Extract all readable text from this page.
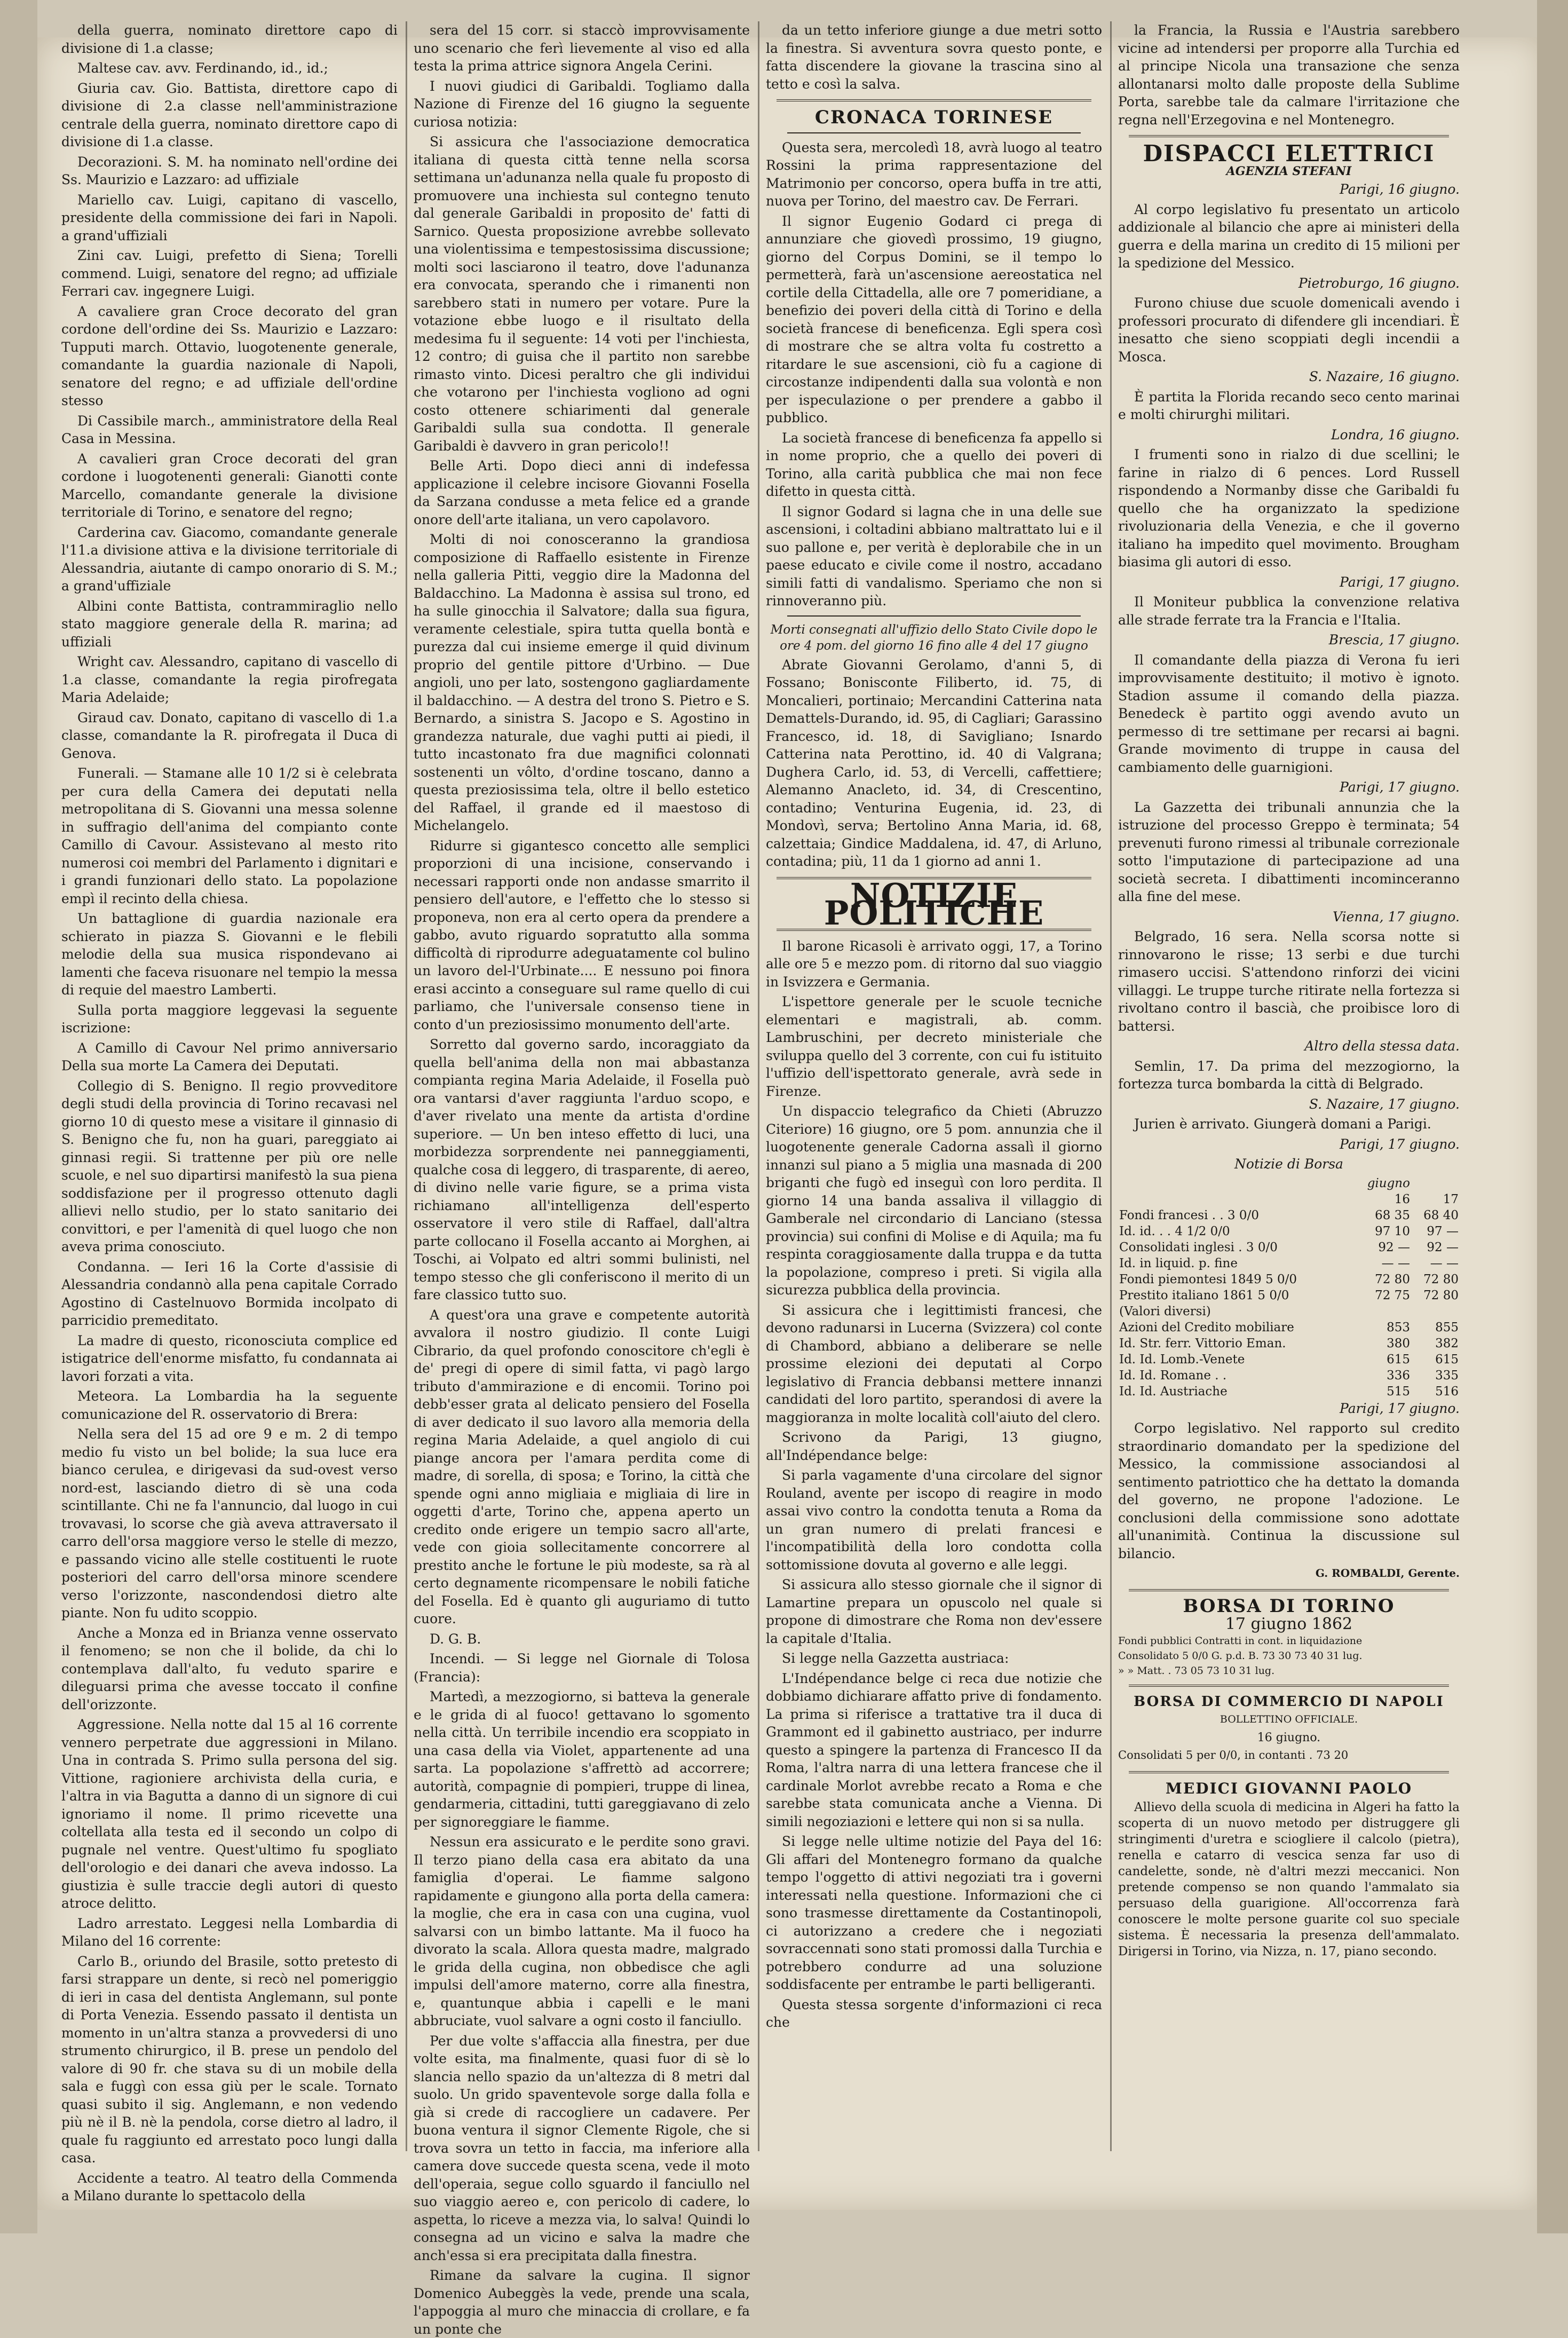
della guerra, nominato direttore capo di divisione di 1.a classe;

Maltese cav. avv. Ferdinando, id., id.;

Giuria cav. Gio. Battista, direttore capo di divisione di 2.a classe nell'amministrazione centrale della guerra, nominato direttore capo di divisione di 1.a classe.

Decorazioni. S. M. ha nominato nell'ordine dei Ss. Maurizio e Lazzaro: ad uffiziale

Mariello cav. Luigi, capitano di vascello, presidente della commissione dei fari in Napoli. a grand'uffiziali

Zini cav. Luigi, prefetto di Siena; Torelli commend. Luigi, senatore del regno; ad uffiziale Ferrari cav. ingegnere Luigi.

A cavaliere gran Croce decorato del gran cordone dell'ordine dei Ss. Maurizio e Lazzaro: Tupputi march. Ottavio, luogotenente generale, comandante la guardia nazionale di Napoli, senatore del regno; e ad uffiziale dell'ordine stesso

Di Cassibile march., amministratore della Real Casa in Messina.

A cavalieri gran Croce decorati del gran cordone i luogotenenti generali: Gianotti conte Marcello, comandante generale la divisione territoriale di Torino, e senatore del regno;

Carderina cav. Giacomo, comandante generale l'11.a divisione attiva e la divisione territoriale di Alessandria, aiutante di campo onorario di S. M.; a grand'uffiziale

Albini conte Battista, contrammiraglio nello stato maggiore generale della R. marina; ad uffiziali

Wright cav. Alessandro, capitano di vascello di 1.a classe, comandante la regia pirofregata Maria Adelaide;

Giraud cav. Donato, capitano di vascello di 1.a classe, comandante la R. pirofregata il Duca di Genova.

Funerali. — Stamane alle 10 1/2 si è celebrata per cura della Camera dei deputati nella metropolitana di S. Giovanni una messa solenne in suffragio dell'anima del compianto conte Camillo di Cavour. Assistevano al mesto rito numerosi coi membri del Parlamento i dignitari e i grandi funzionari dello stato. La popolazione empì il recinto della chiesa.

Un battaglione di guardia nazionale era schierato in piazza S. Giovanni e le flebili melodie della sua musica rispondevano ai lamenti che faceva risuonare nel tempio la messa di requie del maestro Lamberti.

Sulla porta maggiore leggevasi la seguente iscrizione:

A Camillo di Cavour Nel primo anniversario Della sua morte La Camera dei Deputati.

Collegio di S. Benigno. Il regio provveditore degli studi della provincia di Torino recavasi nel giorno 10 di questo mese a visitare il ginnasio di S. Benigno che fu, non ha guari, pareggiato ai ginnasi regii. Si trattenne per più ore nelle scuole, e nel suo dipartirsi manifestò la sua piena soddisfazione per il progresso ottenuto dagli allievi nello studio, per lo stato sanitario dei convittori, e per l'amenità di quel luogo che non aveva prima conosciuto.

Condanna. — Ieri 16 la Corte d'assisie di Alessandria condannò alla pena capitale Corrado Agostino di Castelnuovo Bormida incolpato di parricidio premeditato.

La madre di questo, riconosciuta complice ed istigatrice dell'enorme misfatto, fu condannata ai lavori forzati a vita.

Meteora. La Lombardia ha la seguente comunicazione del R. osservatorio di Brera:

Nella sera del 15 ad ore 9 e m. 2 di tempo medio fu visto un bel bolide; la sua luce era bianco cerulea, e dirigevasi da sud-ovest verso nord-est, lasciando dietro di sè una coda scintillante. Chi ne fa l'annuncio, dal luogo in cui trovavasi, lo scorse che già aveva attraversato il carro dell'orsa maggiore verso le stelle di mezzo, e passando vicino alle stelle costituenti le ruote posteriori del carro dell'orsa minore scendere verso l'orizzonte, nascondendosi dietro alte piante. Non fu udito scoppio.

Anche a Monza ed in Brianza venne osservato il fenomeno; se non che il bolide, da chi lo contemplava dall'alto, fu veduto sparire e dileguarsi prima che avesse toccato il confine dell'orizzonte.

Aggressione. Nella notte dal 15 al 16 corrente vennero perpetrate due aggressioni in Milano. Una in contrada S. Primo sulla persona del sig. Vittione, ragioniere archivista della curia, e l'altra in via Bagutta a danno di un signore di cui ignoriamo il nome. Il primo ricevette una coltellata alla testa ed il secondo un colpo di pugnale nel ventre. Quest'ultimo fu spogliato dell'orologio e dei danari che aveva indosso. La giustizia è sulle traccie degli autori di questo atroce delitto.

Ladro arrestato. Leggesi nella Lombardia di Milano del 16 corrente:

Carlo B., oriundo del Brasile, sotto pretesto di farsi strappare un dente, si recò nel pomeriggio di ieri in casa del dentista Anglemann, sul ponte di Porta Venezia. Essendo passato il dentista un momento in un'altra stanza a provvedersi di uno strumento chirurgico, il B. prese un pendolo del valore di 90 fr. che stava su di un mobile della sala e fuggì con essa giù per le scale. Tornato quasi subito il sig. Anglemann, e non vedendo più nè il B. nè la pendola, corse dietro al ladro, il quale fu raggiunto ed arrestato poco lungi dalla casa.

Accidente a teatro. Al teatro della Commenda a Milano durante lo spettacolo della

sera del 15 corr. si staccò improvvisamente uno scenario che ferì lievemente al viso ed alla testa la prima attrice signora Angela Cerini.

I nuovi giudici di Garibaldi. Togliamo dalla Nazione di Firenze del 16 giugno la seguente curiosa notizia:

Si assicura che l'associazione democratica italiana di questa città tenne nella scorsa settimana un'adunanza nella quale fu proposto di promuovere una inchiesta sul contegno tenuto dal generale Garibaldi in proposito de' fatti di Sarnico. Questa proposizione avrebbe sollevato una violentissima e tempestosissima discussione; molti soci lasciarono il teatro, dove l'adunanza era convocata, sperando che i rimanenti non sarebbero stati in numero per votare. Pure la votazione ebbe luogo e il risultato della medesima fu il seguente: 14 voti per l'inchiesta, 12 contro; di guisa che il partito non sarebbe rimasto vinto. Dicesi peraltro che gli individui che votarono per l'inchiesta vogliono ad ogni costo ottenere schiarimenti dal generale Garibaldi sulla sua condotta. Il generale Garibaldi è davvero in gran pericolo!!

Belle Arti. Dopo dieci anni di indefessa applicazione il celebre incisore Giovanni Fosella da Sarzana condusse a meta felice ed a grande onore dell'arte italiana, un vero capolavoro.

Molti di noi conosceranno la grandiosa composizione di Raffaello esistente in Firenze nella galleria Pitti, veggio dire la Madonna del Baldacchino. La Madonna è assisa sul trono, ed ha sulle ginocchia il Salvatore; dalla sua figura, veramente celestiale, spira tutta quella bontà e purezza dal cui insieme emerge il quid divinum proprio del gentile pittore d'Urbino. — Due angioli, uno per lato, sostengono gagliardamente il baldacchino. — A destra del trono S. Pietro e S. Bernardo, a sinistra S. Jacopo e S. Agostino in grandezza naturale, due vaghi putti ai piedi, il tutto incastonato fra due magnifici colonnati sostenenti un vôlto, d'ordine toscano, danno a questa preziosissima tela, oltre il bello estetico del Raffael, il grande ed il maestoso di Michelangelo.

Ridurre si gigantesco concetto alle semplici proporzioni di una incisione, conservando i necessari rapporti onde non andasse smarrito il pensiero dell'autore, e l'effetto che lo stesso si proponeva, non era al certo opera da prendere a gabbo, avuto riguardo sopratutto alla somma difficoltà di riprodurre adeguatamente col bulino un lavoro del-l'Urbinate.... E nessuno poi finora erasi accinto a conseguare sul rame quello di cui parliamo, che l'universale consenso tiene in conto d'un preziosissimo monumento dell'arte.

Sorretto dal governo sardo, incoraggiato da quella bell'anima della non mai abbastanza compianta regina Maria Adelaide, il Fosella può ora vantarsi d'aver raggiunta l'arduo scopo, e d'aver rivelato una mente da artista d'ordine superiore. — Un ben inteso effetto di luci, una morbidezza sorprendente nei panneggiamenti, qualche cosa di leggero, di trasparente, di aereo, di divino nelle varie figure, se a prima vista richiamano all'intelligenza dell'esperto osservatore il vero stile di Raffael, dall'altra parte collocano il Fosella accanto ai Morghen, ai Toschi, ai Volpato ed altri sommi bulinisti, nel tempo stesso che gli conferiscono il merito di un fare classico tutto suo.

A quest'ora una grave e competente autorità avvalora il nostro giudizio. Il conte Luigi Cibrario, da quel profondo conoscitore ch'egli è de' pregi di opere di simil fatta, vi pagò largo tributo d'ammirazione e di encomii. Torino poi debb'esser grata al delicato pensiero del Fosella di aver dedicato il suo lavoro alla memoria della regina Maria Adelaide, a quel angiolo di cui piange ancora per l'amara perdita come di madre, di sorella, di sposa; e Torino, la città che spende ogni anno migliaia e migliaia di lire in oggetti d'arte, Torino che, appena aperto un credito onde erigere un tempio sacro all'arte, vede con gioia sollecitamente concorrere al prestito anche le fortune le più modeste, sa rà al certo degnamente ricompensare le nobili fatiche del Fosella. Ed è quanto gli auguriamo di tutto cuore.

D. G. B.

Incendi. — Si legge nel Giornale di Tolosa (Francia):

Martedì, a mezzogiorno, si batteva la generale e le grida di al fuoco! gettavano lo sgomento nella città. Un terribile incendio era scoppiato in una casa della via Violet, appartenente ad una sarta. La popolazione s'affrettò ad accorrere; autorità, compagnie di pompieri, truppe di linea, gendarmeria, cittadini, tutti gareggiavano di zelo per signoreggiare le fiamme.

Nessun era assicurato e le perdite sono gravi. Il terzo piano della casa era abitato da una famiglia d'operai. Le fiamme salgono rapidamente e giungono alla porta della camera: la moglie, che era in casa con una cugina, vuol salvarsi con un bimbo lattante. Ma il fuoco ha divorato la scala. Allora questa madre, malgrado le grida della cugina, non obbedisce che agli impulsi dell'amore materno, corre alla finestra, e, quantunque abbia i capelli e le mani abbruciate, vuol salvare a ogni costo il fanciullo.

Per due volte s'affaccia alla finestra, per due volte esita, ma finalmente, quasi fuor di sè lo slancia nello spazio da un'altezza di 8 metri dal suolo. Un grido spaventevole sorge dalla folla e già si crede di raccogliere un cadavere. Per buona ventura il signor Clemente Rigole, che si trova sovra un tetto in faccia, ma inferiore alla camera dove succede questa scena, vede il moto dell'operaia, segue collo sguardo il fanciullo nel suo viaggio aereo e, con pericolo di cadere, lo aspetta, lo riceve a mezza via, lo salva! Quindi lo consegna ad un vicino e salva la madre che anch'essa si era precipitata dalla finestra.

Rimane da salvare la cugina. Il signor Domenico Aubeggès la vede, prende una scala, l'appoggia al muro che minaccia di crollare, e fa un ponte che

da un tetto inferiore giunge a due metri sotto la finestra. Si avventura sovra questo ponte, e fatta discendere la giovane la trascina sino al tetto e così la salva.

CRONACA TORINESE

Questa sera, mercoledì 18, avrà luogo al teatro Rossini la prima rappresentazione del Matrimonio per concorso, opera buffa in tre atti, nuova per Torino, del maestro cav. De Ferrari.

Il signor Eugenio Godard ci prega di annunziare che giovedì prossimo, 19 giugno, giorno del Corpus Domini, se il tempo lo permetterà, farà un'ascensione aereostatica nel cortile della Cittadella, alle ore 7 pomeridiane, a benefizio dei poveri della città di Torino e della società francese di beneficenza. Egli spera così di mostrare che se altra volta fu costretto a ritardare le sue ascensioni, ciò fu a cagione di circostanze indipendenti dalla sua volontà e non per ispeculazione o per prendere a gabbo il pubblico.

La società francese di beneficenza fa appello si in nome proprio, che a quello dei poveri di Torino, alla carità pubblica che mai non fece difetto in questa città.

Il signor Godard si lagna che in una delle sue ascensioni, i coltadini abbiano maltrattato lui e il suo pallone e, per verità è deplorabile che in un paese educato e civile come il nostro, accadano simili fatti di vandalismo. Speriamo che non si rinnoveranno più.

Morti consegnati all'uffizio dello Stato Civile dopo le ore 4 pom. del giorno 16 fino alle 4 del 17 giugno

Abrate Giovanni Gerolamo, d'anni 5, di Fossano; Bonisconte Filiberto, id. 75, di Moncalieri, portinaio; Mercandini Catterina nata Demattels-Durando, id. 95, di Cagliari; Garassino Francesco, id. 18, di Savigliano; Isnardo Catterina nata Perottino, id. 40 di Valgrana; Dughera Carlo, id. 53, di Vercelli, caffettiere; Alemanno Anacleto, id. 34, di Crescentino, contadino; Venturina Eugenia, id. 23, di Mondovì, serva; Bertolino Anna Maria, id. 68, calzettaia; Gindice Maddalena, id. 47, di Arluno, contadina; più, 11 da 1 giorno ad anni 1.

NOTIZIE POLITICHE

Il barone Ricasoli è arrivato oggi, 17, a Torino alle ore 5 e mezzo pom. di ritorno dal suo viaggio in Isvizzera e Germania.

L'ispettore generale per le scuole tecniche elementari e magistrali, ab. comm. Lambruschini, per decreto ministeriale che sviluppa quello del 3 corrente, con cui fu istituito l'uffizio dell'ispettorato generale, avrà sede in Firenze.

Un dispaccio telegrafico da Chieti (Abruzzo Citeriore) 16 giugno, ore 5 pom. annunzia che il luogotenente generale Cadorna assalì il giorno innanzi sul piano a 5 miglia una masnada di 200 briganti che fugò ed inseguì con loro perdita. Il giorno 14 una banda assaliva il villaggio di Gamberale nel circondario di Lanciano (stessa provincia) sui confini di Molise e di Aquila; ma fu respinta coraggiosamente dalla truppa e da tutta la popolazione, compreso i preti. Si vigila alla sicurezza pubblica della provincia.

Si assicura che i legittimisti francesi, che devono radunarsi in Lucerna (Svizzera) col conte di Chambord, abbiano a deliberare se nelle prossime elezioni dei deputati al Corpo legislativo di Francia debbansi mettere innanzi candidati del loro partito, sperandosi di avere la maggioranza in molte località coll'aiuto del clero.

Scrivono da Parigi, 13 giugno, all'Indépendance belge:

Si parla vagamente d'una circolare del signor Rouland, avente per iscopo di reagire in modo assai vivo contro la condotta tenuta a Roma da un gran numero di prelati francesi e l'incompatibilità della loro condotta colla sottomissione dovuta al governo e alle leggi.

Si assicura allo stesso giornale che il signor di Lamartine prepara un opuscolo nel quale si propone di dimostrare che Roma non dev'essere la capitale d'Italia.

Si legge nella Gazzetta austriaca:

L'Indépendance belge ci reca due notizie che dobbiamo dichiarare affatto prive di fondamento. La prima si riferisce a trattative tra il duca di Grammont ed il gabinetto austriaco, per indurre questo a spingere la partenza di Francesco II da Roma, l'altra narra di una lettera francese che il cardinale Morlot avrebbe recato a Roma e che sarebbe stata comunicata anche a Vienna. Di simili negoziazioni e lettere qui non si sa nulla.

Si legge nelle ultime notizie del Paya del 16: Gli affari del Montenegro formano da qualche tempo l'oggetto di attivi negoziati tra i governi interessati nella questione. Informazioni che ci sono trasmesse direttamente da Costantinopoli, ci autorizzano a credere che i negoziati sovraccennati sono stati promossi dalla Turchia e potrebbero condurre ad una soluzione soddisfacente per entrambe le parti belligeranti.

Questa stessa sorgente d'informazioni ci reca che

la Francia, la Russia e l'Austria sarebbero vicine ad intendersi per proporre alla Turchia ed al principe Nicola una transazione che senza allontanarsi molto dalle proposte della Sublime Porta, sarebbe tale da calmare l'irritazione che regna nell'Erzegovina e nel Montenegro.

DISPACCI ELETTRICI
AGENZIA STEFANI

Parigi, 16 giugno.

Al corpo legislativo fu presentato un articolo addizionale al bilancio che apre ai ministeri della guerra e della marina un credito di 15 milioni per la spedizione del Messico.

Pietroburgo, 16 giugno.

Furono chiuse due scuole domenicali avendo i professori procurato di difendere gli incendiari. È inesatto che sieno scoppiati degli incendii a Mosca.

S. Nazaire, 16 giugno.

È partita la Florida recando seco cento marinai e molti chirurghi militari.

Londra, 16 giugno.

I frumenti sono in rialzo di due scellini; le farine in rialzo di 6 pences. Lord Russell rispondendo a Normanby disse che Garibaldi fu quello che ha organizzato la spedizione rivoluzionaria della Venezia, e che il governo italiano ha impedito quel movimento. Brougham biasima gli autori di esso.

Parigi, 17 giugno.

Il Moniteur pubblica la convenzione relativa alle strade ferrate tra la Francia e l'Italia.

Brescia, 17 giugno.

Il comandante della piazza di Verona fu ieri improvvisamente destituito; il motivo è ignoto. Stadion assume il comando della piazza. Benedeck è partito oggi avendo avuto un permesso di tre settimane per recarsi ai bagni. Grande movimento di truppe in causa del cambiamento delle guarnigioni.

Parigi, 17 giugno.

La Gazzetta dei tribunali annunzia che la istruzione del processo Greppo è terminata; 54 prevenuti furono rimessi al tribunale correzionale sotto l'imputazione di partecipazione ad una società secreta. I dibattimenti incominceranno alla fine del mese.

Vienna, 17 giugno.

Belgrado, 16 sera. Nella scorsa notte si rinnovarono le risse; 13 serbi e due turchi rimasero uccisi. S'attendono rinforzi dei vicini villaggi. Le truppe turche ritirate nella fortezza si rivoltano contro il bascià, che proibisce loro di battersi.

Altro della stessa data.

Semlin, 17. Da prima del mezzogiorno, la fortezza turca bombarda la città di Belgrado.

S. Nazaire, 17 giugno.

Jurien è arrivato. Giungerà domani a Parigi.

Parigi, 17 giugno.

Notizie di Borsa

	giugno	
	16	17
Fondi francesi . . 3 0/0	68 35	68 40
Id. id. . . 4 1/2 0/0	97 10	97 —
Consolidati inglesi . 3 0/0	92 —	92 —
Id. in liquid. p. fine	— —	— —
Fondi piemontesi 1849 5 0/0	72 80	72 80
Prestito italiano 1861 5 0/0	72 75	72 80
(Valori diversi)		
Azioni del Credito mobiliare	853	855
Id. Str. ferr. Vittorio Eman.	380	382
Id. Id. Lomb.-Venete	615	615
Id. Id. Romane . .	336	335
Id. Id. Austriache	515	516

Parigi, 17 giugno.

Corpo legislativo. Nel rapporto sul credito straordinario domandato per la spedizione del Messico, la commissione associandosi al sentimento patriottico che ha dettato la domanda del governo, ne propone l'adozione. Le conclusioni della commissione sono adottate all'unanimità. Continua la discussione sul bilancio.

G. ROMBALDI, Gerente.

BORSA DI TORINO
17 giugno 1862
Fondi pubblici Contratti in cont. in liquidazione
Consolidato 5 0/0 G. p.d. B. 73 30 73 40 31 lug.
» » Matt. . 73 05 73 10 31 lug.
BORSA DI COMMERCIO DI NAPOLI
BOLLETTINO OFFICIALE.
16 giugno.
Consolidati 5 per 0/0, in contanti . 73 20
MEDICI GIOVANNI PAOLO

Allievo della scuola di medicina in Algeri ha fatto la scoperta di un nuovo metodo per distruggere gli stringimenti d'uretra e sciogliere il calcolo (pietra), renella e catarro di vescica senza far uso di candelette, sonde, nè d'altri mezzi meccanici. Non pretende compenso se non quando l'ammalato sia persuaso della guarigione. All'occorrenza farà conoscere le molte persone guarite col suo speciale sistema. È necessaria la presenza dell'ammalato. Dirigersi in Torino, via Nizza, n. 17, piano secondo.
